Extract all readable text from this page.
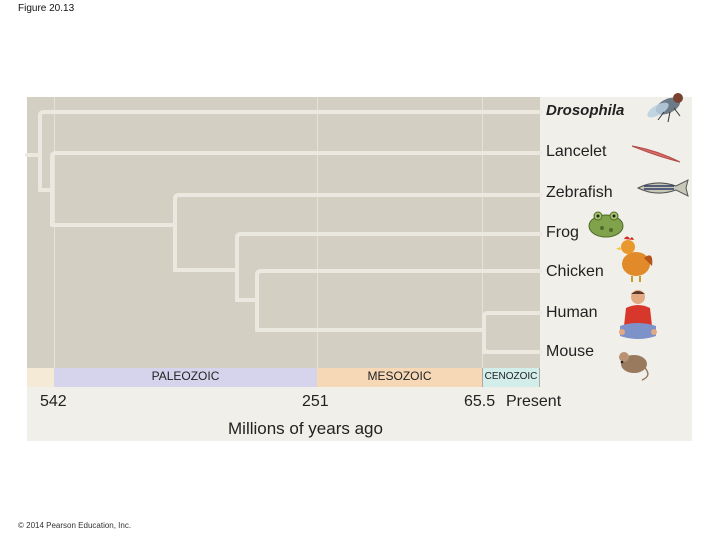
Figure 20.13
Drosophila
Lancelet
Zebrafish
Frog
Chicken
Human
Mouse
PALEOZOIC	MESOZOIC	CENOZOIC
542	251	65.5 Present
Millions of years ago
© 2014 Pearson Education, Inc.
